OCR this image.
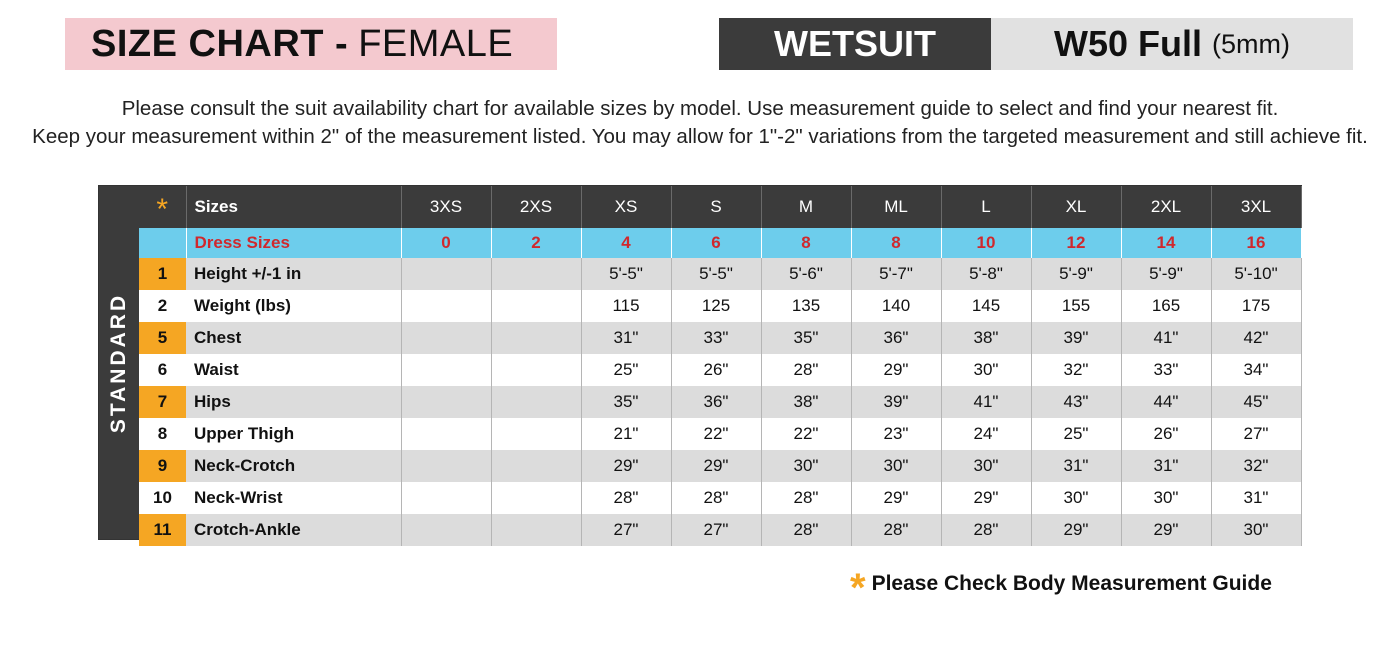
SIZE CHART - FEMALE	WETSUIT	W50 Full (5mm)
Please consult the suit availability chart for available sizes by model. Use measurement guide to select and find your nearest fit.
Keep your measurement within 2" of the measurement listed. You may allow for 1"-2" variations from the targeted measurement and still achieve fit.
STANDARD
*	Sizes	3XS	2XS	XS	S	M	ML	L	XL	2XL	3XL
	Dress Sizes	0	2	4	6	8	8	10	12	14	16
1	Height +/-1 in			5'-5"	5'-5"	5'-6"	5'-7"	5'-8"	5'-9"	5'-9"	5'-10"
2	Weight (lbs)			115	125	135	140	145	155	165	175
5	Chest			31"	33"	35"	36"	38"	39"	41"	42"
6	Waist			25"	26"	28"	29"	30"	32"	33"	34"
7	Hips			35"	36"	38"	39"	41"	43"	44"	45"
8	Upper Thigh			21"	22"	22"	23"	24"	25"	26"	27"
9	Neck-Crotch			29"	29"	30"	30"	30"	31"	31"	32"
10	Neck-Wrist			28"	28"	28"	29"	29"	30"	30"	31"
11	Crotch-Ankle			27"	27"	28"	28"	28"	29"	29"	30"
* Please Check Body Measurement Guide
